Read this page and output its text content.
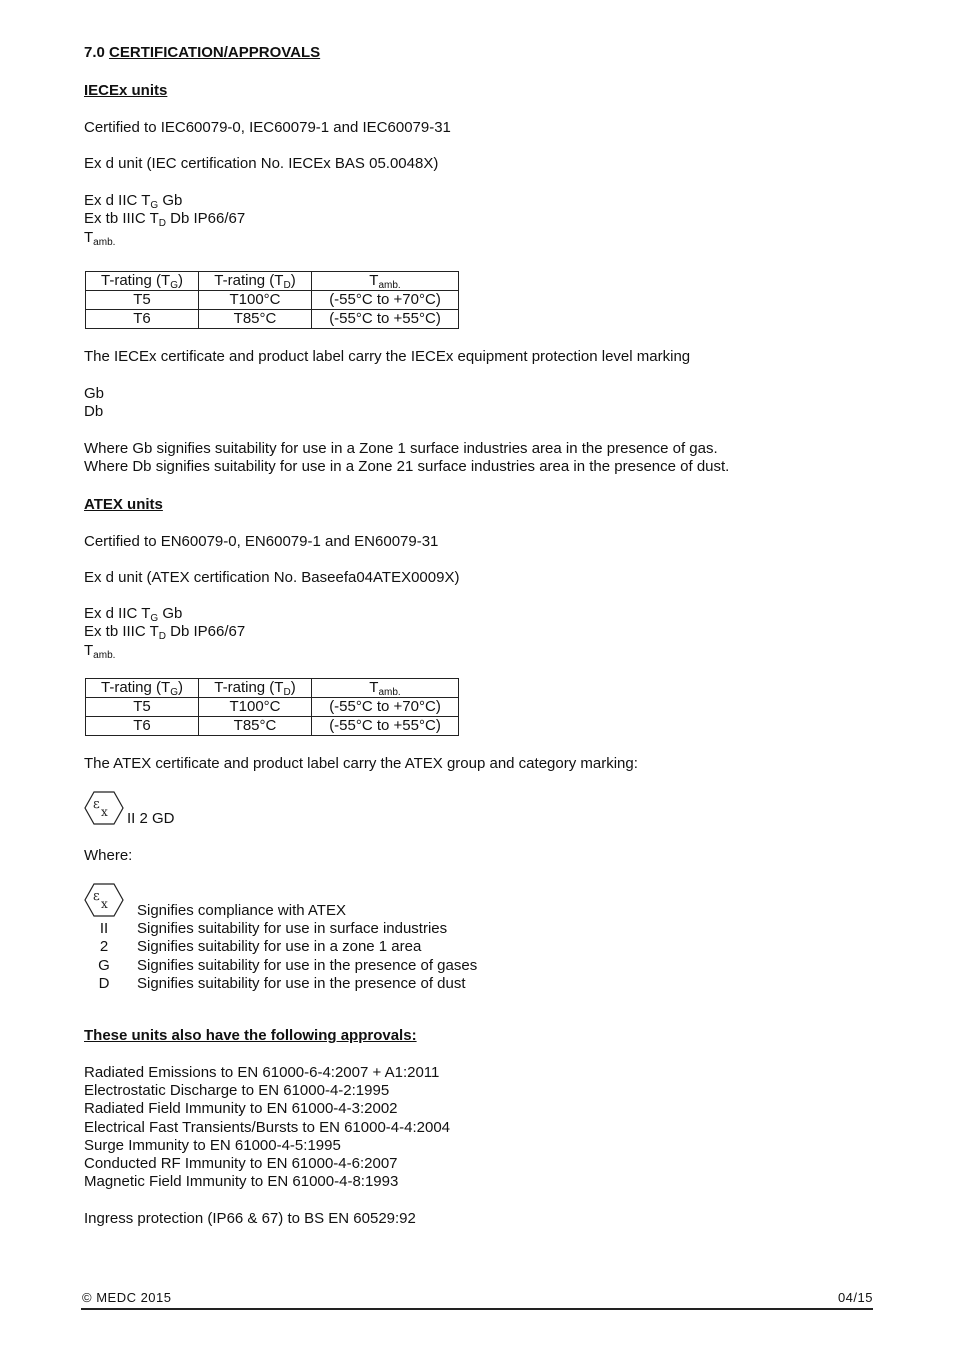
7.0 CERTIFICATION/APPROVALS
IECEx units
Certified to IEC60079-0, IEC60079-1 and IEC60079-31
Ex d unit (IEC certification No. IECEx BAS 05.0048X)
Ex d IIC $T_G$ Gb
Ex tb IIIC $T_D$ Db IP66/67
$T_{amb.}$
T-rating $(T_G)$	T-rating $(T_D)$	$T_{amb.}$
T5	T100°C	(-55°C to +70°C)
T6	T85°C	(-55°C to +55°C)
The IECEx certificate and product label carry the IECEx equipment protection level marking
Gb
Db
Where Gb signifies suitability for use in a Zone 1 surface industries area in the presence of gas.
Where Db signifies suitability for use in a Zone 21 surface industries area in the presence of dust.
ATEX units
Certified to EN60079-0, EN60079-1 and EN60079-31
Ex d unit (ATEX certification No. Baseefa04ATEX0009X)
Ex d IIC $T_G$ Gb
Ex tb IIIC $T_D$ Db IP66/67
$T_{amb.}$
T-rating $(T_G)$	T-rating $(T_D)$	$T_{amb.}$
T5	T100°C	(-55°C to +70°C)
T6	T85°C	(-55°C to +55°C)
The ATEX certificate and product label carry the ATEX group and category marking:
ε x II 2 GD
Where:
ε x Signifies compliance with ATEX
II	Signifies suitability for use in surface industries
2	Signifies suitability for use in a zone 1 area
G	Signifies suitability for use in the presence of gases
D	Signifies suitability for use in the presence of dust
These units also have the following approvals:
Radiated Emissions to EN 61000-6-4:2007 + A1:2011
Electrostatic Discharge to EN 61000-4-2:1995
Radiated Field Immunity to EN 61000-4-3:2002
Electrical Fast Transients/Bursts to EN 61000-4-4:2004
Surge Immunity to EN 61000-4-5:1995
Conducted RF Immunity to EN 61000-4-6:2007
Magnetic Field Immunity to EN 61000-4-8:1993
Ingress protection (IP66 & 67) to BS EN 60529:92
© MEDC 2015	04/15
